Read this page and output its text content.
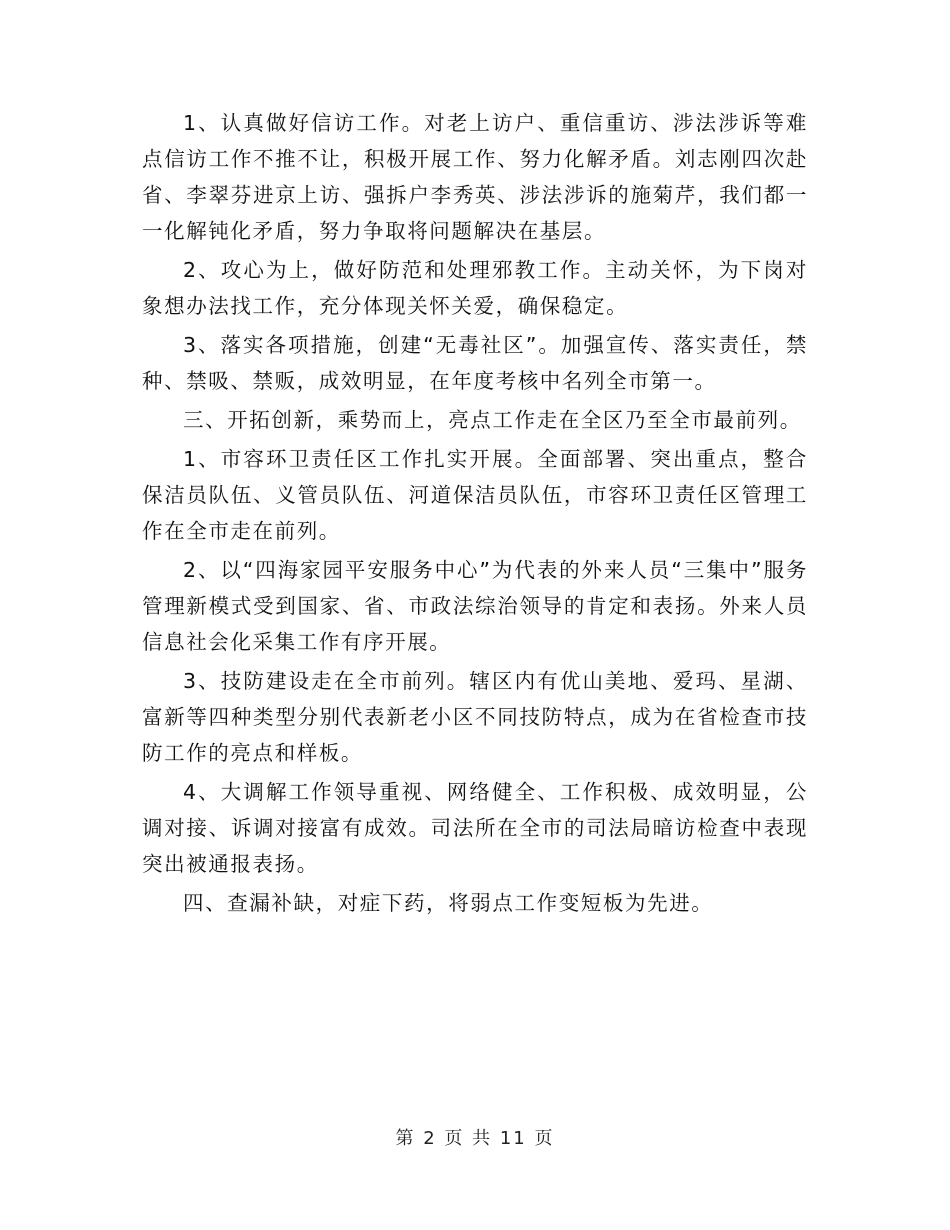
1、认真做好信访工作。对老上访户、重信重访、涉法涉诉等难点信访工作不推不让，积极开展工作、努力化解矛盾。刘志刚四次赴省、李翠芬进京上访、强拆户李秀英、涉法涉诉的施菊芹，我们都一一化解钝化矛盾，努力争取将问题解决在基层。

2、攻心为上，做好防范和处理邪教工作。主动关怀，为下岗对象想办法找工作，充分体现关怀关爱，确保稳定。

3、落实各项措施，创建“无毒社区”。加强宣传、落实责任，禁种、禁吸、禁贩，成效明显，在年度考核中名列全市第一。

三、开拓创新，乘势而上，亮点工作走在全区乃至全市最前列。

1、市容环卫责任区工作扎实开展。全面部署、突出重点，整合保洁员队伍、义管员队伍、河道保洁员队伍，市容环卫责任区管理工作在全市走在前列。

2、以“四海家园平安服务中心”为代表的外来人员“三集中”服务管理新模式受到国家、省、市政法综治领导的肯定和表扬。外来人员信息社会化采集工作有序开展。

3、技防建设走在全市前列。辖区内有优山美地、爱玛、星湖、富新等四种类型分别代表新老小区不同技防特点，成为在省检查市技防工作的亮点和样板。

4、大调解工作领导重视、网络健全、工作积极、成效明显，公调对接、诉调对接富有成效。司法所在全市的司法局暗访检查中表现突出被通报表扬。

四、查漏补缺，对症下药，将弱点工作变短板为先进。

第 2 页 共 11 页
